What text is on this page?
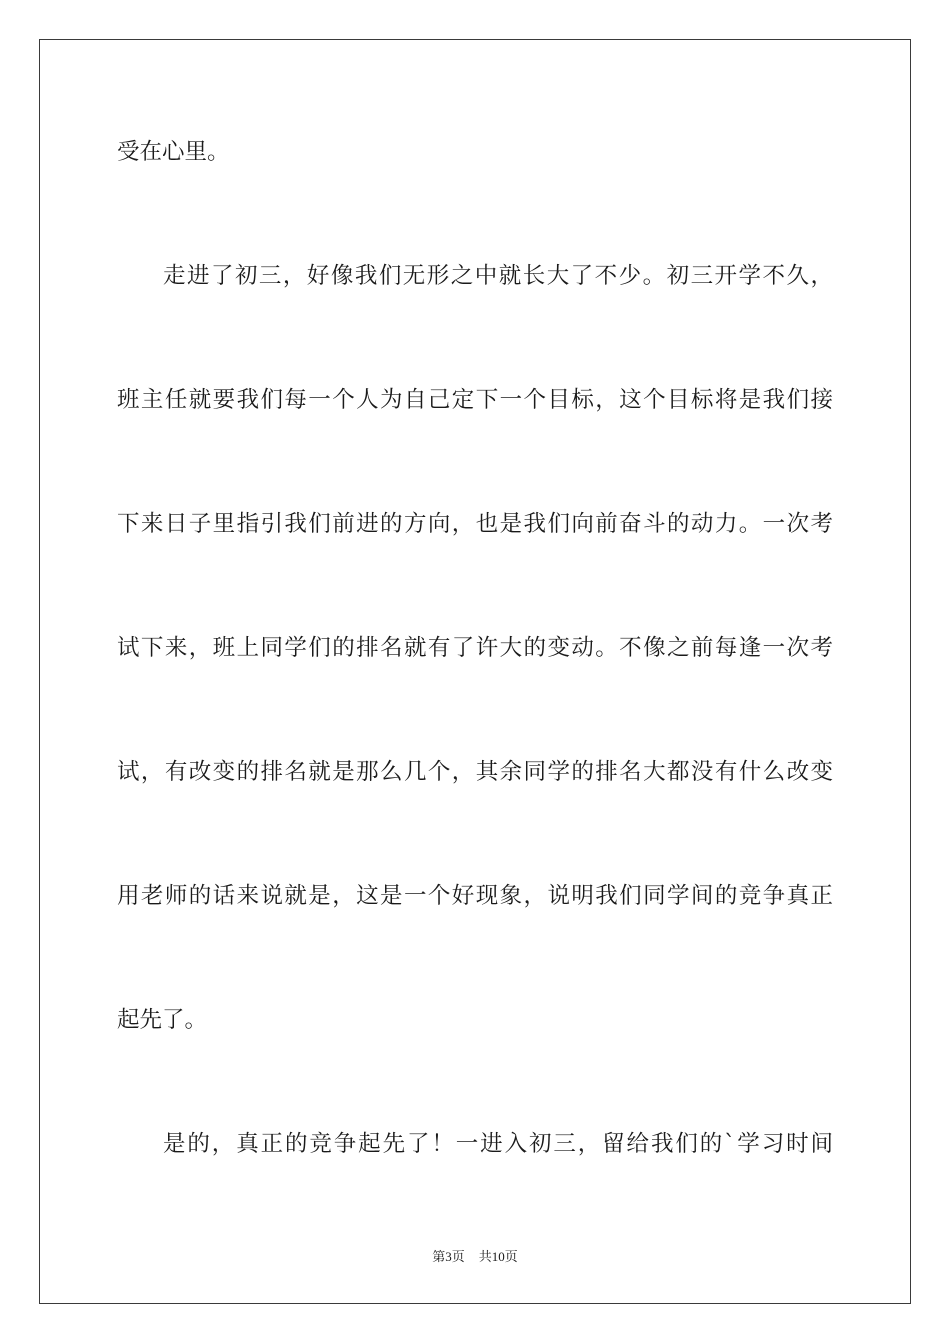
受在心里。
走进了初三，好像我们无形之中就长大了不少。初三开学不久，
班主任就要我们每一个人为自己定下一个目标，这个目标将是我们接
下来日子里指引我们前进的方向，也是我们向前奋斗的动力。一次考
试下来，班上同学们的排名就有了许大的变动。不像之前每逢一次考
试，有改变的排名就是那么几个，其余同学的排名大都没有什么改变
用老师的话来说就是，这是一个好现象，说明我们同学间的竞争真正
起先了。
是的，真正的竞争起先了！一进入初三，留给我们的`学习时间
第3页 共10页
